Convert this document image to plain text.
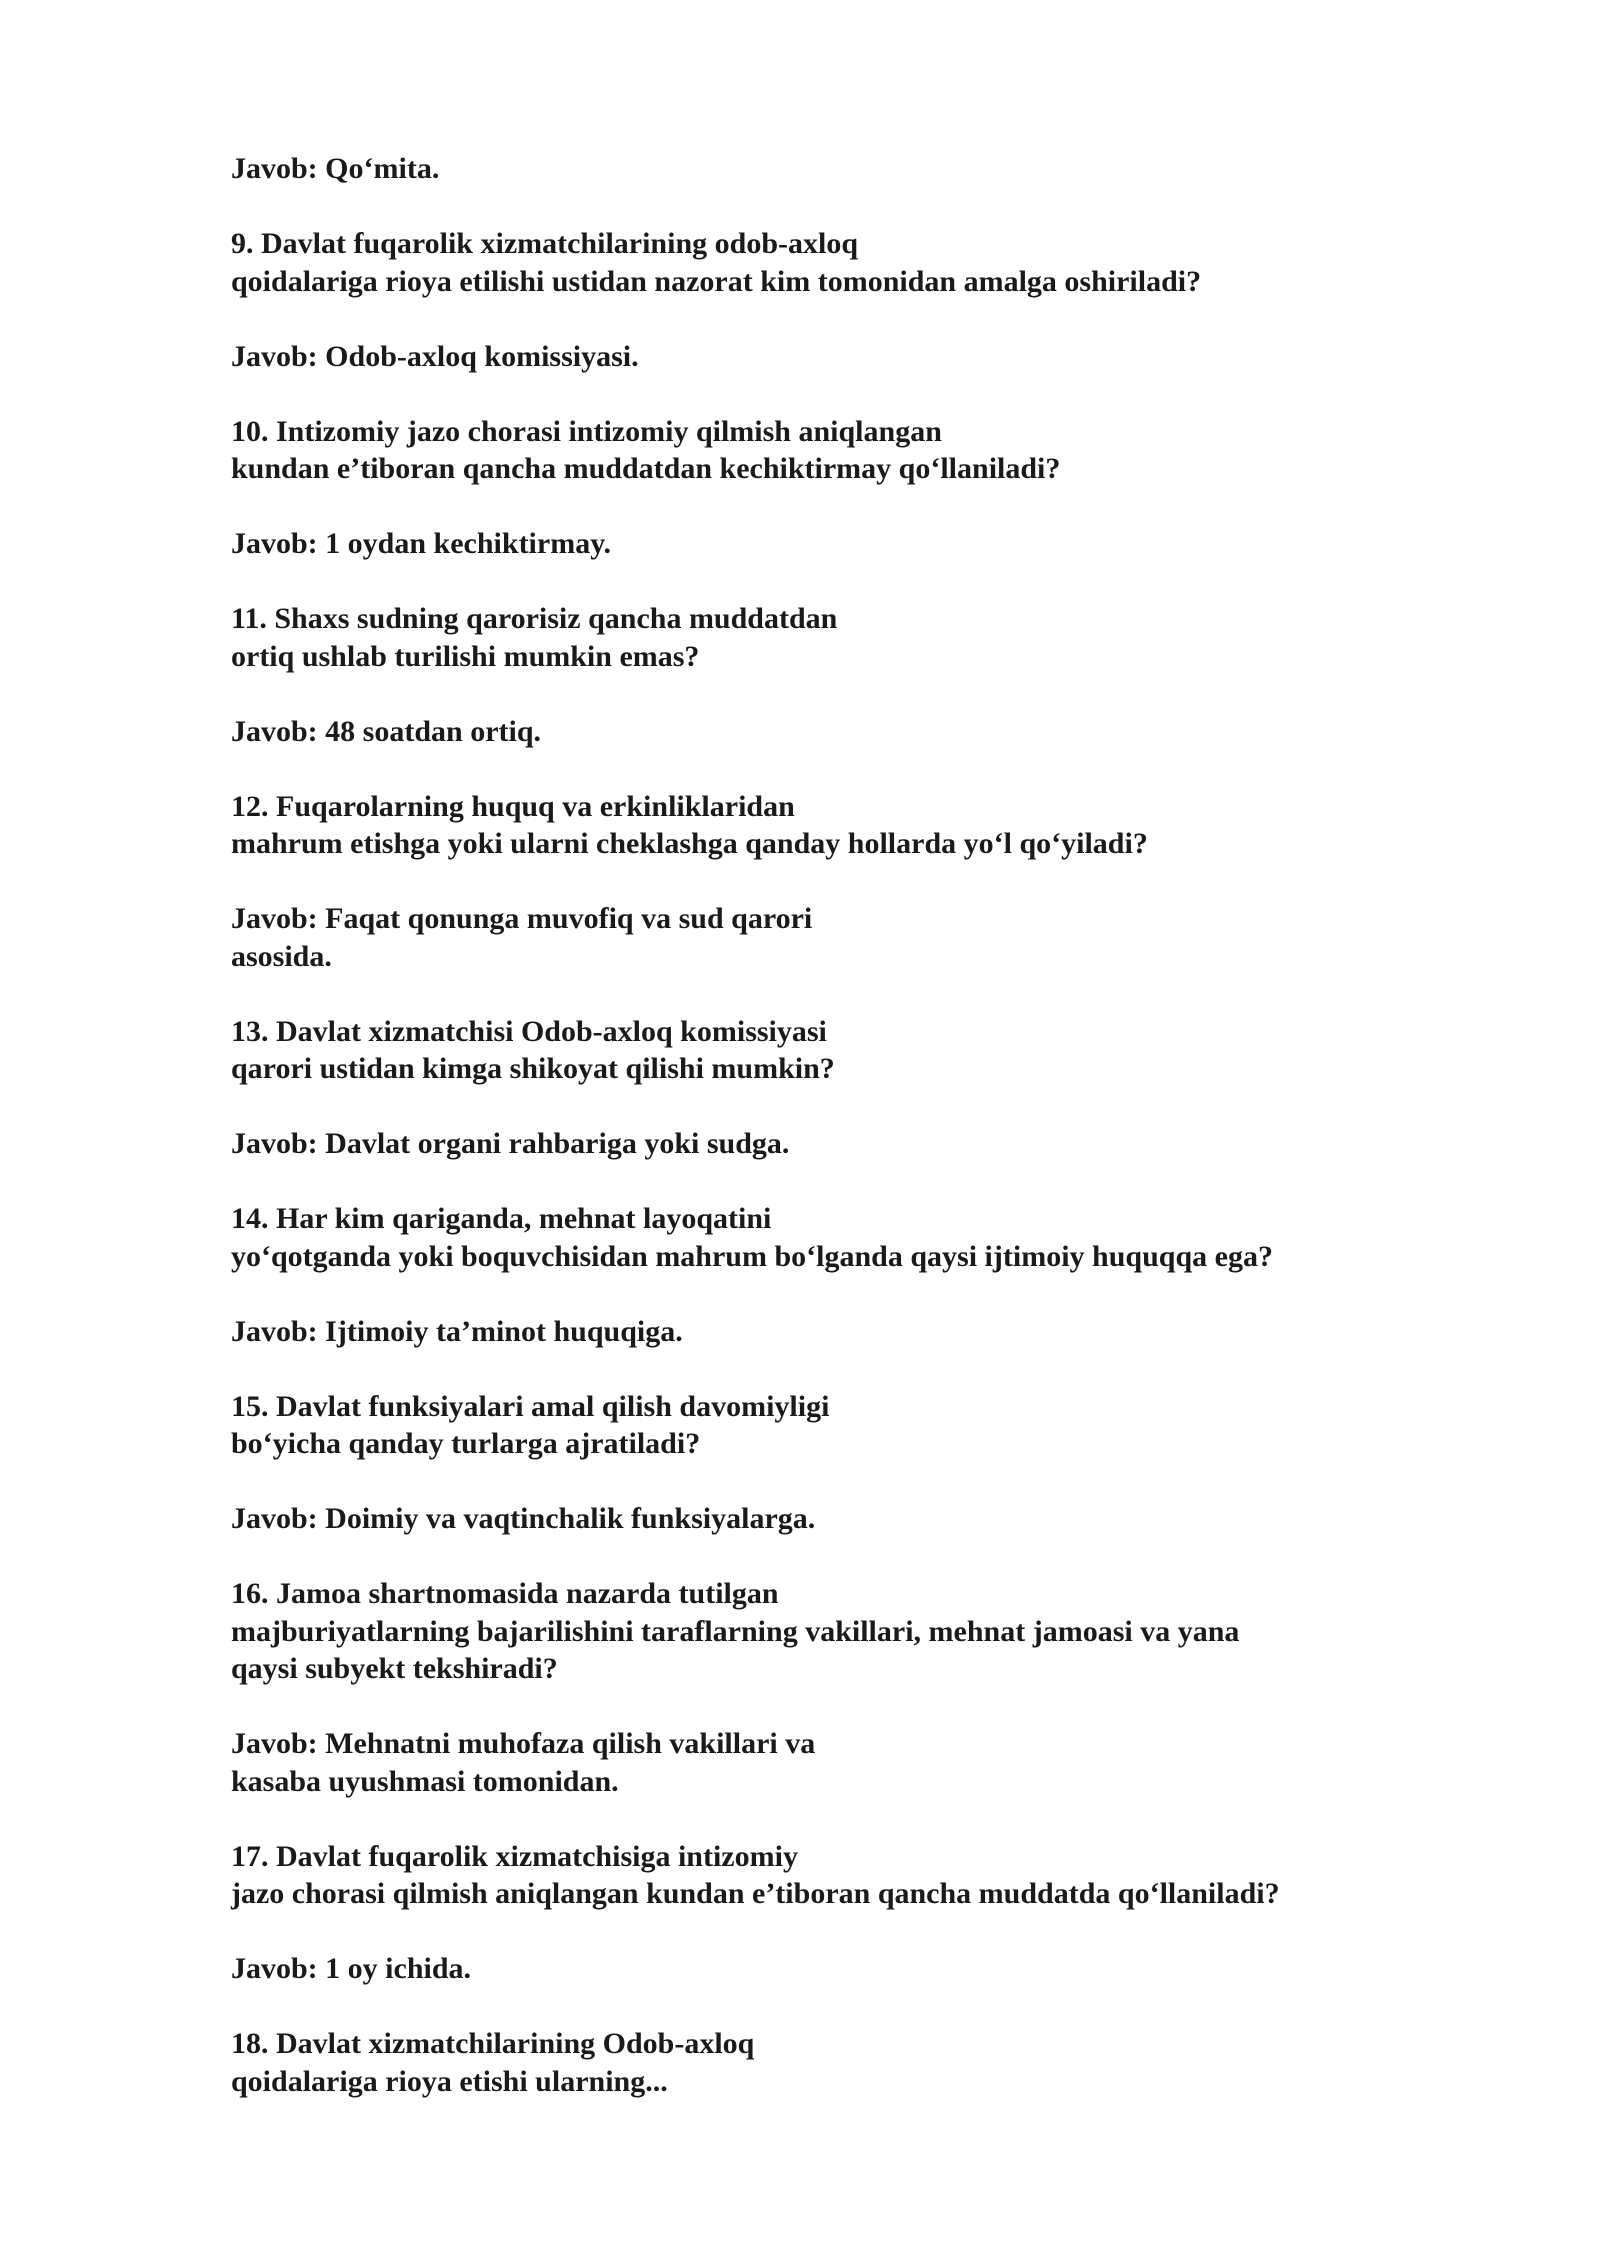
Javob: Qo‘mita.
9. Davlat fuqarolik xizmatchilarining odob-axloq
qoidalariga rioya etilishi ustidan nazorat kim tomonidan amalga oshiriladi?
Javob: Odob-axloq komissiyasi.
10. Intizomiy jazo chorasi intizomiy qilmish aniqlangan
kundan e’tiboran qancha muddatdan kechiktirmay qo‘llaniladi?
Javob: 1 oydan kechiktirmay.
11. Shaxs sudning qarorisiz qancha muddatdan
ortiq ushlab turilishi mumkin emas?
Javob: 48 soatdan ortiq.
12. Fuqarolarning huquq va erkinliklaridan
mahrum etishga yoki ularni cheklashga qanday hollarda yo‘l qo‘yiladi?
Javob: Faqat qonunga muvofiq va sud qarori
asosida.
13. Davlat xizmatchisi Odob-axloq komissiyasi
qarori ustidan kimga shikoyat qilishi mumkin?
Javob: Davlat organi rahbariga yoki sudga.
14. Har kim qariganda, mehnat layoqatini
yo‘qotganda yoki boquvchisidan mahrum bo‘lganda qaysi ijtimoiy huquqqa ega?
Javob: Ijtimoiy ta’minot huquqiga.
15. Davlat funksiyalari amal qilish davomiyligi
bo‘yicha qanday turlarga ajratiladi?
Javob: Doimiy va vaqtinchalik funksiyalarga.
16. Jamoa shartnomasida nazarda tutilgan
majburiyatlarning bajarilishini taraflarning vakillari, mehnat jamoasi va yana
qaysi subyekt tekshiradi?
Javob: Mehnatni muhofaza qilish vakillari va
kasaba uyushmasi tomonidan.
17. Davlat fuqarolik xizmatchisiga intizomiy
jazo chorasi qilmish aniqlangan kundan e’tiboran qancha muddatda qo‘llaniladi?
Javob: 1 oy ichida.
18. Davlat xizmatchilarining Odob-axloq
qoidalariga rioya etishi ularning...
